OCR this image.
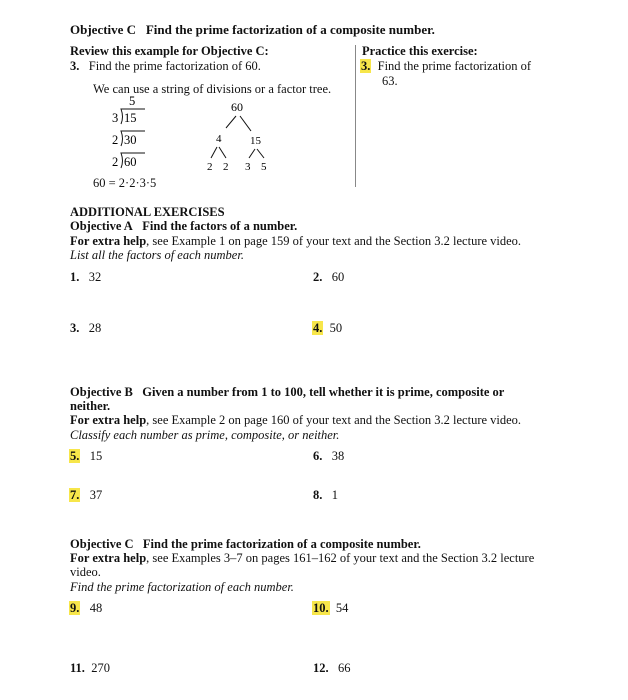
Objective C Find the prime factorization of a composite number.
Review this example for Objective C:
3. Find the prime factorization of 60.
We can use a string of divisions or a factor tree.
5
3 15
2 30
2 60
60
4	15
2 2 3 5
60 = 2·2·3·5
Practice this exercise:
3. Find the prime factorization of
63.
ADDITIONAL EXERCISES
Objective A Find the factors of a number.
For extra help, see Example 1 on page 159 of your text and the Section 3.2 lecture video.
List all the factors of each number.
1. 32	2. 60
3. 28	4. 50
Objective B Given a number from 1 to 100, tell whether it is prime, composite or
neither.
For extra help, see Example 2 on page 160 of your text and the Section 3.2 lecture video.
Classify each number as prime, composite, or neither.
5. 15	6. 38
7. 37	8. 1
Objective C Find the prime factorization of a composite number.
For extra help, see Examples 3–7 on pages 161–162 of your text and the Section 3.2 lecture
video.
Find the prime factorization of each number.
9. 48	10. 54
11. 270	12. 66
